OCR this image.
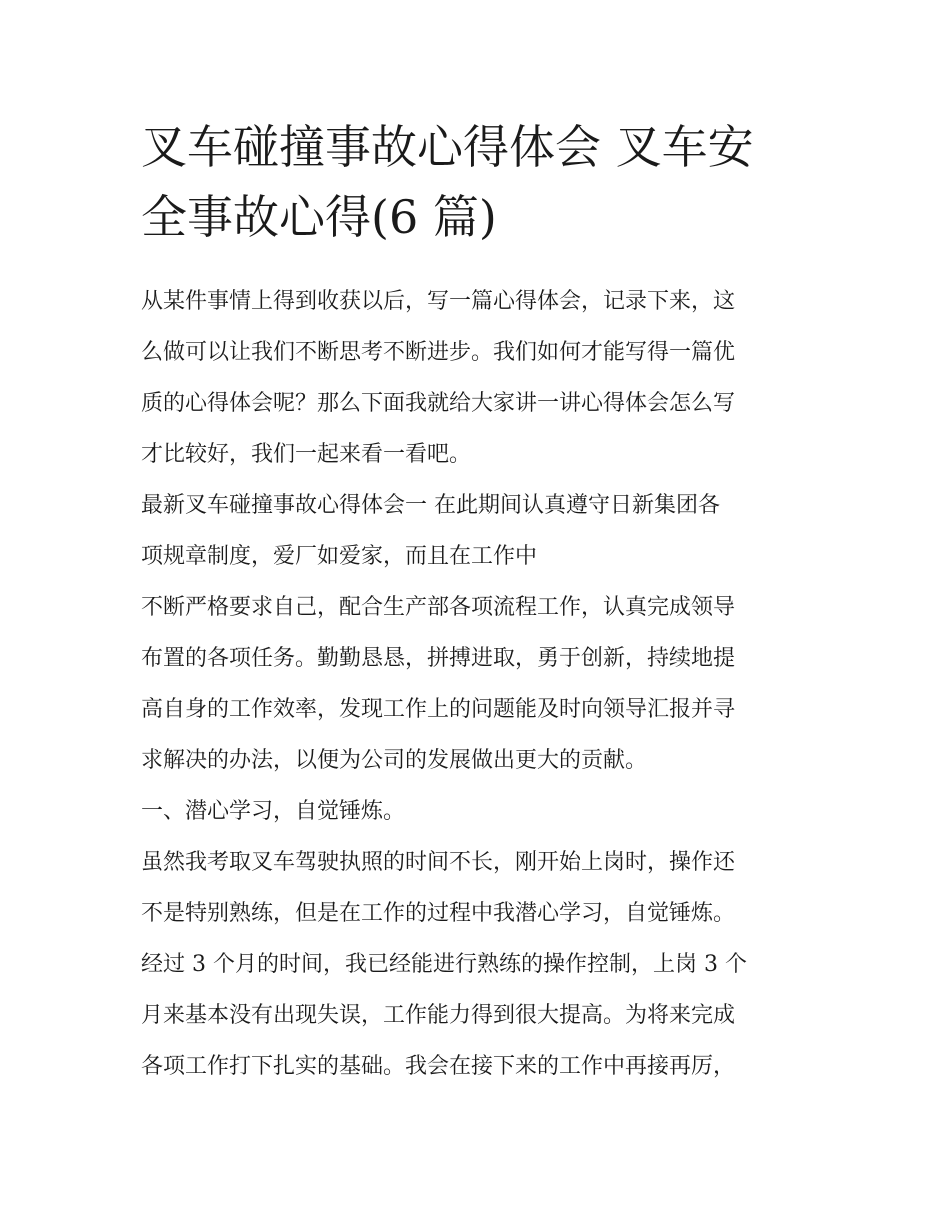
叉车碰撞事故心得体会 叉车安
全事故心得(6 篇)
从某件事情上得到收获以后，写一篇心得体会，记录下来，这
么做可以让我们不断思考不断进步。我们如何才能写得一篇优
质的心得体会呢？那么下面我就给大家讲一讲心得体会怎么写
才比较好，我们一起来看一看吧。
最新叉车碰撞事故心得体会一 在此期间认真遵守日新集团各
项规章制度，爱厂如爱家，而且在工作中
不断严格要求自己，配合生产部各项流程工作，认真完成领导
布置的各项任务。勤勤恳恳，拼搏进取，勇于创新，持续地提
高自身的工作效率，发现工作上的问题能及时向领导汇报并寻
求解决的办法，以便为公司的发展做出更大的贡献。
一、潜心学习，自觉锤炼。
虽然我考取叉车驾驶执照的时间不长，刚开始上岗时，操作还
不是特别熟练，但是在工作的过程中我潜心学习，自觉锤炼。
经过 3 个月的时间，我已经能进行熟练的操作控制，上岗 3 个
月来基本没有出现失误，工作能力得到很大提高。为将来完成
各项工作打下扎实的基础。我会在接下来的工作中再接再厉，
